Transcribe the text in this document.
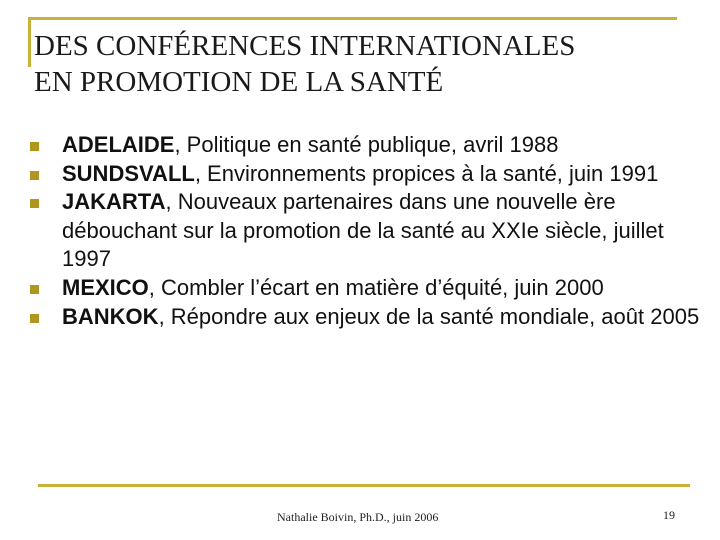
DES CONFÉRENCES INTERNATIONALES
EN PROMOTION DE LA SANTÉ
ADELAIDE, Politique en santé publique, avril 1988
SUNDSVALL, Environnements propices à la santé, juin 1991
JAKARTA, Nouveaux partenaires dans une nouvelle ère débouchant sur la promotion de la santé au XXIe siècle, juillet 1997
MEXICO, Combler l’écart en matière d’équité, juin 2000
BANKOK, Répondre aux enjeux de la santé mondiale, août 2005
Nathalie Boivin, Ph.D., juin 2006	19
